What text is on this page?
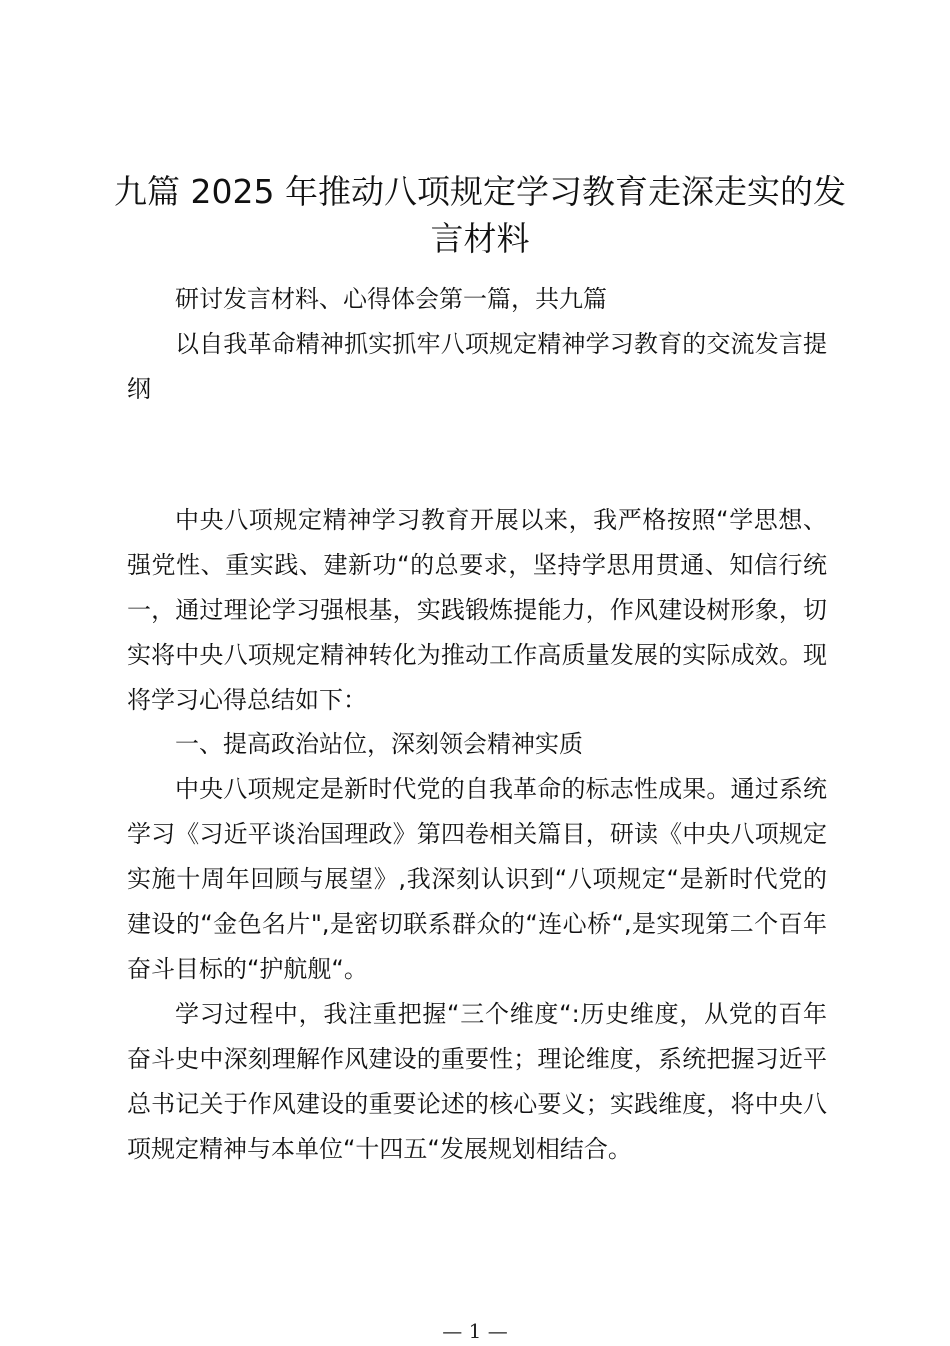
九篇 2025 年推动八项规定学习教育走深走实的发言材料

研讨发言材料、心得体会第一篇，共九篇

以自我革命精神抓实抓牢八项规定精神学习教育的交流发言提纲

中央八项规定精神学习教育开展以来，我严格按照“学思想、强党性、重实践、建新功“的总要求，坚持学思用贯通、知信行统一，通过理论学习强根基，实践锻炼提能力，作风建设树形象，切实将中央八项规定精神转化为推动工作高质量发展的实际成效。现将学习心得总结如下：

一、提高政治站位，深刻领会精神实质

中央八项规定是新时代党的自我革命的标志性成果。通过系统学习《习近平谈治国理政》第四卷相关篇目，研读《中央八项规定实施十周年回顾与展望》,我深刻认识到“八项规定“是新时代党的建设的“金色名片",是密切联系群众的“连心桥“,是实现第二个百年奋斗目标的“护航舰“。

学习过程中，我注重把握“三个维度“:历史维度，从党的百年奋斗史中深刻理解作风建设的重要性；理论维度，系统把握习近平总书记关于作风建设的重要论述的核心要义；实践维度，将中央八项规定精神与本单位“十四五“发展规划相结合。

— 1 —
